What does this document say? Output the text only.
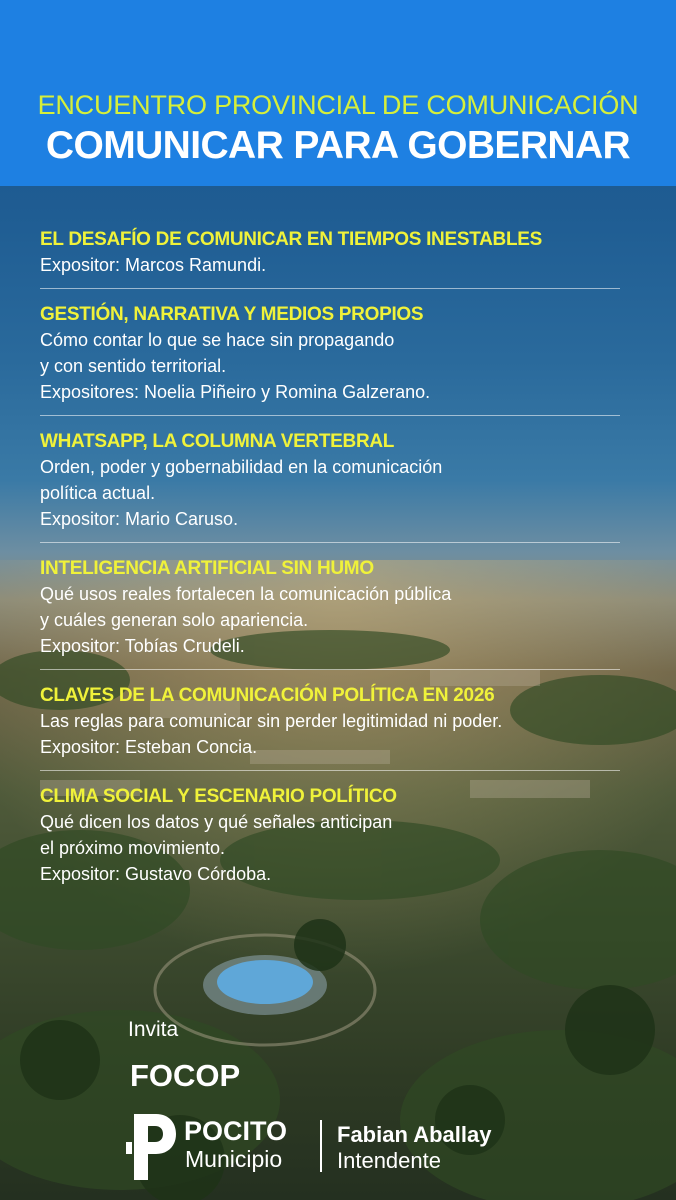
ENCUENTRO PROVINCIAL DE COMUNICACIÓN
COMUNICAR PARA GOBERNAR
EL DESAFÍO DE COMUNICAR EN TIEMPOS INESTABLES
Expositor: Marcos Ramundi.
GESTIÓN, NARRATIVA Y MEDIOS PROPIOS
Cómo contar lo que se hace sin propagando
y con sentido territorial.
Expositores: Noelia Piñeiro y Romina Galzerano.
WHATSAPP, LA COLUMNA VERTEBRAL
Orden, poder y gobernabilidad en la comunicación
política actual.
Expositor: Mario Caruso.
INTELIGENCIA ARTIFICIAL SIN HUMO
Qué usos reales fortalecen la comunicación pública
y cuáles generan solo apariencia.
Expositor: Tobías Crudeli.
CLAVES DE LA COMUNICACIÓN POLÍTICA EN 2026
Las reglas para comunicar sin perder legitimidad ni poder.
Expositor: Esteban Concia.
CLIMA SOCIAL Y ESCENARIO POLÍTICO
Qué dicen los datos y qué señales anticipan
el próximo movimiento.
Expositor: Gustavo Córdoba.
Invita
FOCOP
POCITO
Municipio
Fabian Aballay
Intendente
